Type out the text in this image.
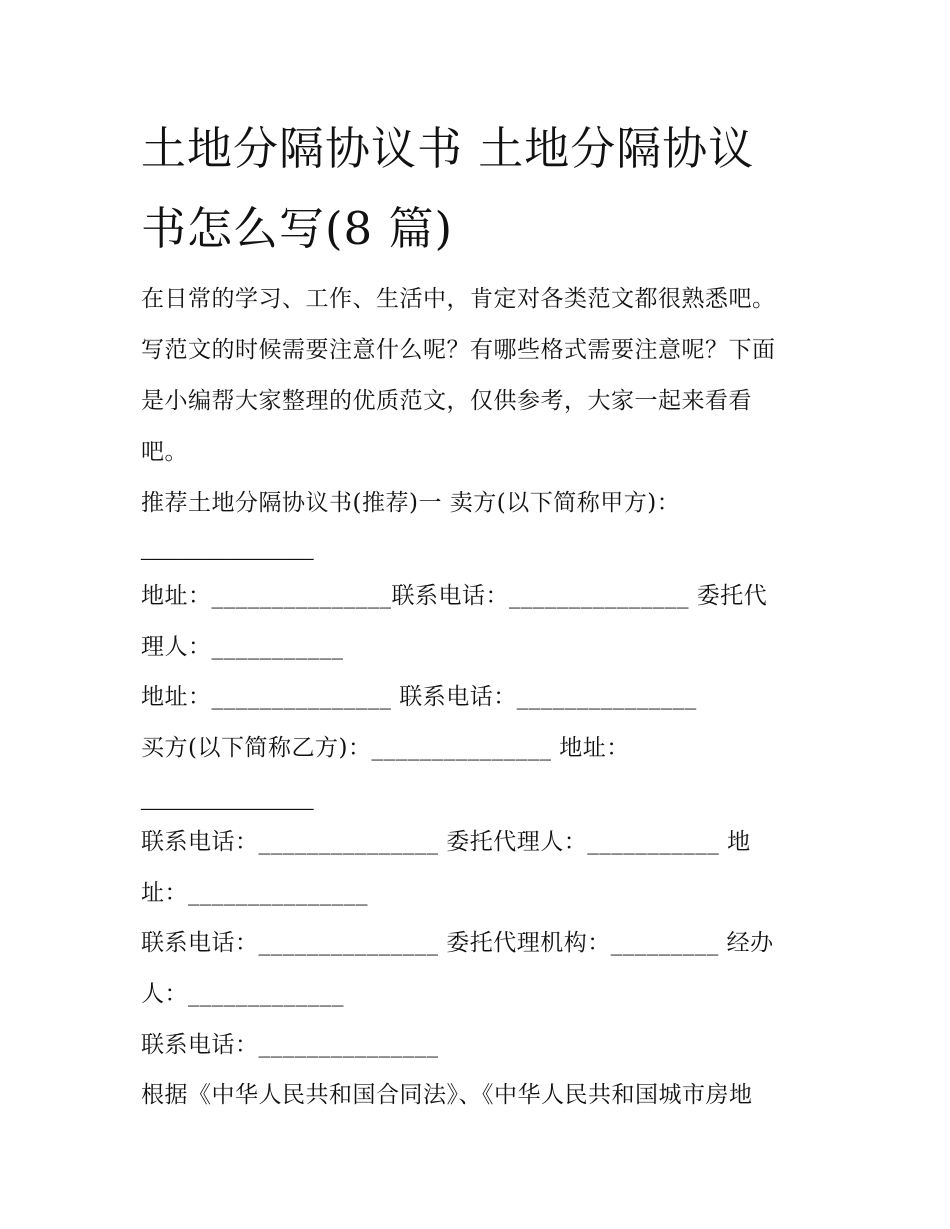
土地分隔协议书 土地分隔协议
书怎么写(8 篇)
在日常的学习、工作、生活中，肯定对各类范文都很熟悉吧。
写范文的时候需要注意什么呢？有哪些格式需要注意呢？下面
是小编帮大家整理的优质范文，仅供参考，大家一起来看看
吧。
推荐土地分隔协议书(推荐)一 卖方(以下简称甲方)：
_______________
地址：_______________联系电话：_______________ 委托代
理人：___________
地址：_______________ 联系电话：_______________
买方(以下简称乙方)：_______________ 地址：
_______________
联系电话：_______________ 委托代理人：___________ 地
址：_______________
联系电话：_______________ 委托代理机构：_________ 经办
人：_____________
联系电话：_______________
根据《中华人民共和国合同法》、《中华人民共和国城市房地
